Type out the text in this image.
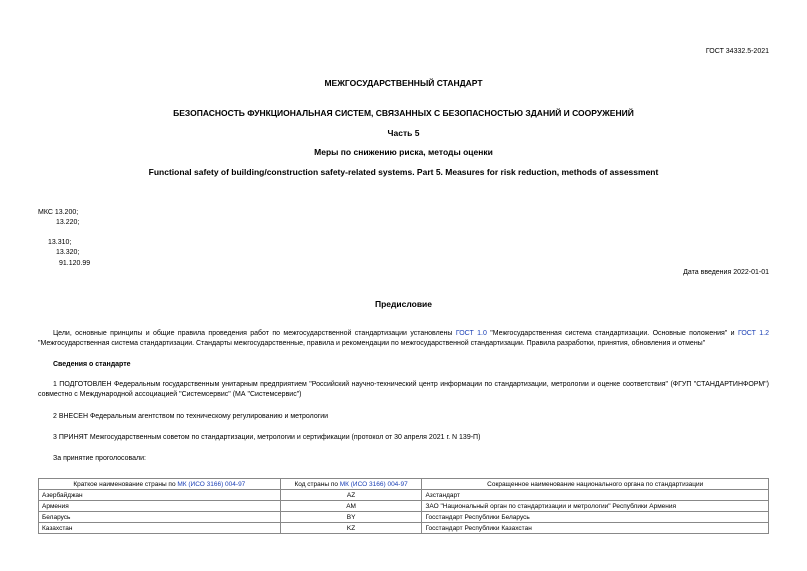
ГОСТ 34332.5-2021
МЕЖГОСУДАРСТВЕННЫЙ СТАНДАРТ
БЕЗОПАСНОСТЬ ФУНКЦИОНАЛЬНАЯ СИСТЕМ, СВЯЗАННЫХ С БЕЗОПАСНОСТЬЮ ЗДАНИЙ И СООРУЖЕНИЙ
Часть 5
Меры по снижению риска, методы оценки
Functional safety of building/construction safety-related systems. Part 5. Measures for risk reduction, methods of assessment
МКС 13.200;
13.220;
13.310;
13.320;
91.120.99
Дата введения 2022-01-01
Предисловие
Цели, основные принципы и общие правила проведения работ по межгосударственной стандартизации установлены ГОСТ 1.0 "Межгосударственная система стандартизации. Основные положения" и ГОСТ 1.2 "Межгосударственная система стандартизации. Стандарты межгосударственные, правила и рекомендации по межгосударственной стандартизации. Правила разработки, принятия, обновления и отмены"
Сведения о стандарте
1 ПОДГОТОВЛЕН Федеральным государственным унитарным предприятием "Российский научно-технический центр информации по стандартизации, метрологии и оценке соответствия" (ФГУП "СТАНДАРТИНФОРМ") совместно с Международной ассоциацией "Системсервис" (МА "Системсервис")
2 ВНЕСЕН Федеральным агентством по техническому регулированию и метрологии
3 ПРИНЯТ Межгосударственным советом по стандартизации, метрологии и сертификации (протокол от 30 апреля 2021 г. N 139-П)
За принятие проголосовали:
Краткое наименование страны по МК (ИСО 3166) 004-97	Код страны по МК (ИСО 3166) 004-97	Сокращенное наименование национального органа по стандартизации
Азербайджан	AZ	Азстандарт
Армения	AM	ЗАО "Национальный орган по стандартизации и метрологии" Республики Армения
Беларусь	BY	Госстандарт Республики Беларусь
Казахстан	KZ	Госстандарт Республики Казахстан
